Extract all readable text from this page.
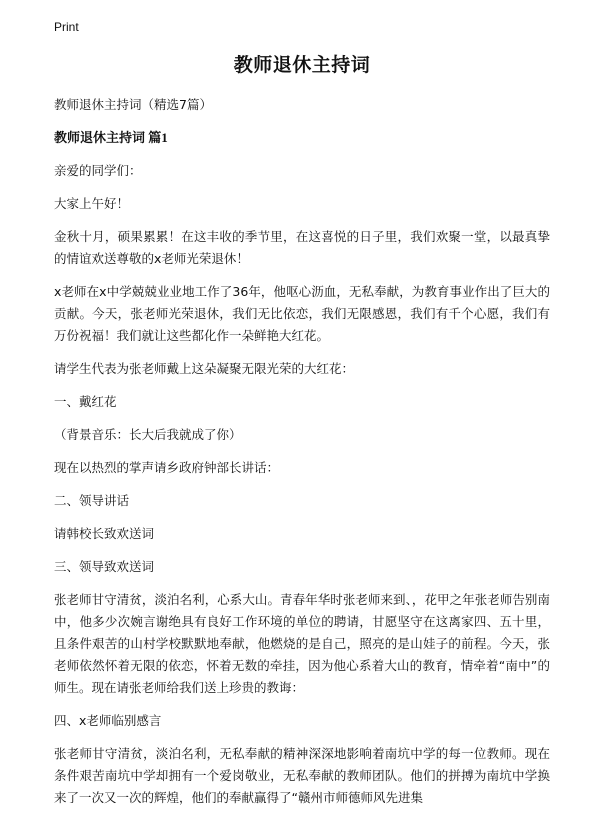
Print
教师退休主持词
教师退休主持词（精选7篇）
教师退休主持词 篇1
亲爱的同学们：
大家上午好！
金秋十月，硕果累累！在这丰收的季节里，在这喜悦的日子里，我们欢聚一堂，以最真挚的情谊欢送尊敬的x老师光荣退休！
x老师在x中学兢兢业业地工作了36年，他呕心沥血，无私奉献，为教育事业作出了巨大的贡献。今天，张老师光荣退休，我们无比依恋，我们无限感恩，我们有千个心愿，我们有万份祝福！我们就让这些都化作一朵鲜艳大红花。
请学生代表为张老师戴上这朵凝聚无限光荣的大红花：
一、戴红花
（背景音乐：长大后我就成了你）
现在以热烈的掌声请乡政府钟部长讲话：
二、领导讲话
请韩校长致欢送词
三、领导致欢送词
张老师甘守清贫，淡泊名利，心系大山。青春年华时张老师来到、，花甲之年张老师告别南中，他多少次婉言谢绝具有良好工作环境的单位的聘请，甘愿坚守在这离家四、五十里，且条件艰苦的山村学校默默地奉献，他燃烧的是自己，照亮的是山娃子的前程。今天，张老师依然怀着无限的依恋，怀着无数的牵挂，因为他心系着大山的教育，情牵着“南中”的师生。现在请张老师给我们送上珍贵的教诲：
四、x老师临别感言
张老师甘守清贫，淡泊名利，无私奉献的精神深深地影响着南坑中学的每一位教师。现在条件艰苦南坑中学却拥有一个爱岗敬业，无私奉献的教师团队。他们的拼搏为南坑中学换来了一次又一次的辉煌，他们的奉献赢得了“赣州市师德师风先进集
